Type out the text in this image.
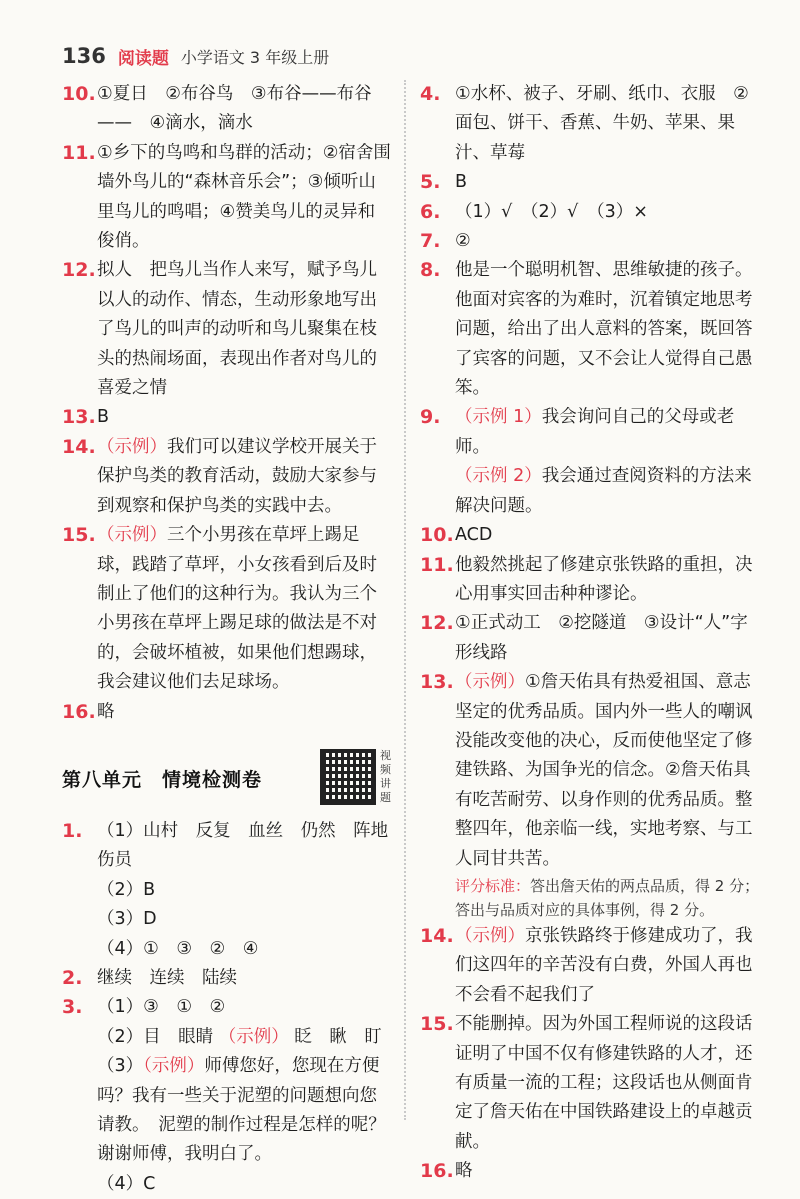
136 阅读题 小学语文 3 年级上册
10. ①夏日　②布谷鸟　③布谷——布谷——　④滴水，滴水
11. ①乡下的鸟鸣和鸟群的活动；②宿舍围墙外鸟儿的“森林音乐会”；③倾听山里鸟儿的鸣唱；④赞美鸟儿的灵异和俊俏。
12. 拟人　把鸟儿当作人来写，赋予鸟儿以人的动作、情态，生动形象地写出了鸟儿的叫声的动听和鸟儿聚集在枝头的热闹场面，表现出作者对鸟儿的喜爱之情
13. B
14. （示例）我们可以建议学校开展关于保护鸟类的教育活动，鼓励大家参与到观察和保护鸟类的实践中去。
15. （示例）三个小男孩在草坪上踢足球，践踏了草坪，小女孩看到后及时制止了他们的这种行为。我认为三个小男孩在草坪上踢足球的做法是不对的，会破坏植被，如果他们想踢球，我会建议他们去足球场。
16. 略
第八单元　情境检测卷
视频讲题
1. （1）山村　反复　血丝　仍然　阵地　伤员
（2）B
（3）D
（4）①　③　②　④
2. 继续　连续　陆续
3. （1）③　①　②
（2）目　眼睛 （示例） 眨　瞅　盯
（3）（示例）师傅您好，您现在方便吗？我有一些关于泥塑的问题想向您请教。　泥塑的制作过程是怎样的呢？　谢谢师傅，我明白了。
（4）C
4. ①水杯、被子、牙刷、纸巾、衣服　②面包、饼干、香蕉、牛奶、苹果、果汁、草莓
5. B
6. （1）√　（2）√　（3）×
7. ②
8. 他是一个聪明机智、思维敏捷的孩子。他面对宾客的为难时，沉着镇定地思考问题，给出了出人意料的答案，既回答了宾客的问题，又不会让人觉得自己愚笨。
9. （示例 1）我会询问自己的父母或老师。
（示例 2）我会通过查阅资料的方法来解决问题。
10. ACD
11. 他毅然挑起了修建京张铁路的重担，决心用事实回击种种谬论。
12. ①正式动工　②挖隧道　③设计“人”字形线路
13. （示例）①詹天佑具有热爱祖国、意志坚定的优秀品质。国内外一些人的嘲讽没能改变他的决心，反而使他坚定了修建铁路、为国争光的信念。②詹天佑具有吃苦耐劳、以身作则的优秀品质。整整四年，他亲临一线，实地考察、与工人同甘共苦。
评分标准：答出詹天佑的两点品质，得 2 分；答出与品质对应的具体事例，得 2 分。
14. （示例）京张铁路终于修建成功了，我们这四年的辛苦没有白费，外国人再也不会看不起我们了
15. 不能删掉。因为外国工程师说的这段话证明了中国不仅有修建铁路的人才，还有质量一流的工程；这段话也从侧面肯定了詹天佑在中国铁路建设上的卓越贡献。
16. 略
